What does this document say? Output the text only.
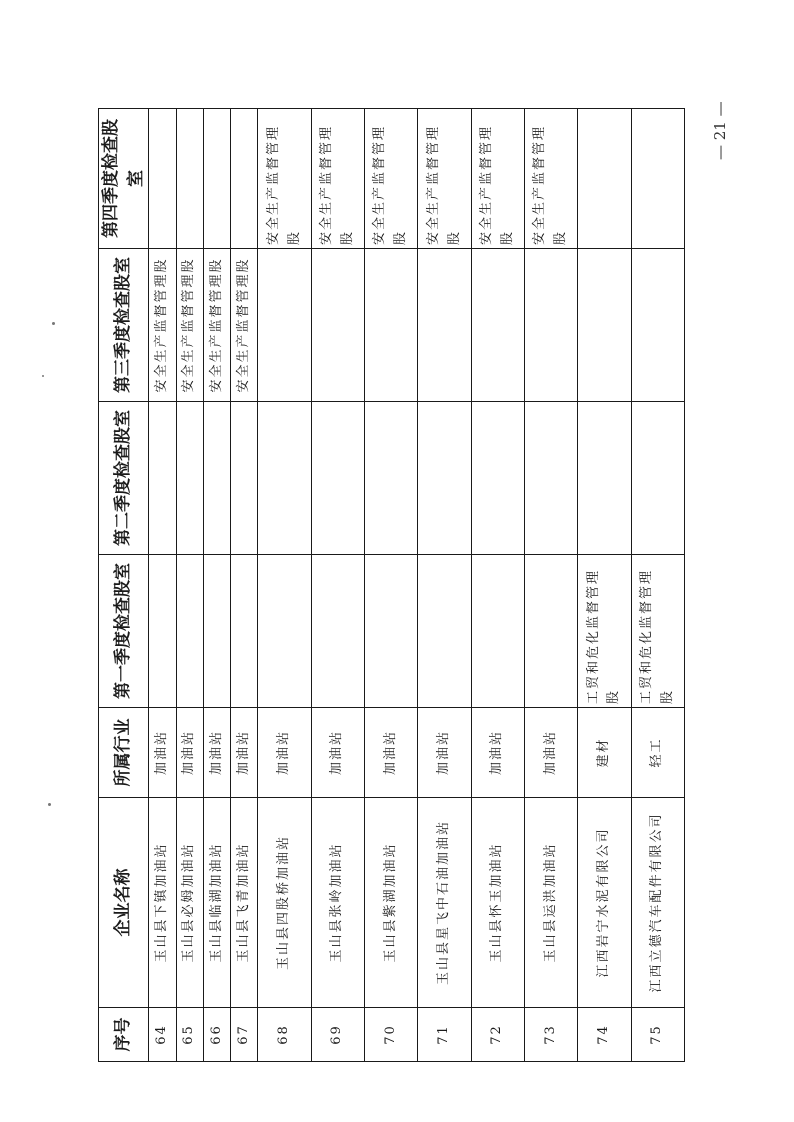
— 21 —
序号	企业名称	所属行业	第一季度检查股室	第二季度检查股室	第三季度检查股室	第四季度检查股室
64	玉山县下镇加油站	加油站			安全生产监督管理股	
65	玉山县必姆加油站	加油站			安全生产监督管理股	
66	玉山县临湖加油站	加油站			安全生产监督管理股	
67	玉山县飞青加油站	加油站			安全生产监督管理股	
68	玉山县四股桥加油站	加油站				安全生产监督管理股
69	玉山县张岭加油站	加油站				安全生产监督管理股
70	玉山县紫湖加油站	加油站				安全生产监督管理股
71	玉山县星飞中石油加油站	加油站				安全生产监督管理股
72	玉山县怀玉加油站	加油站				安全生产监督管理股
73	玉山县运洪加油站	加油站				安全生产监督管理股
74	江西岩宁水泥有限公司	建材	工贸和危化监督管理股			
75	江西立德汽车配件有限公司	轻工	工贸和危化监督管理股			
